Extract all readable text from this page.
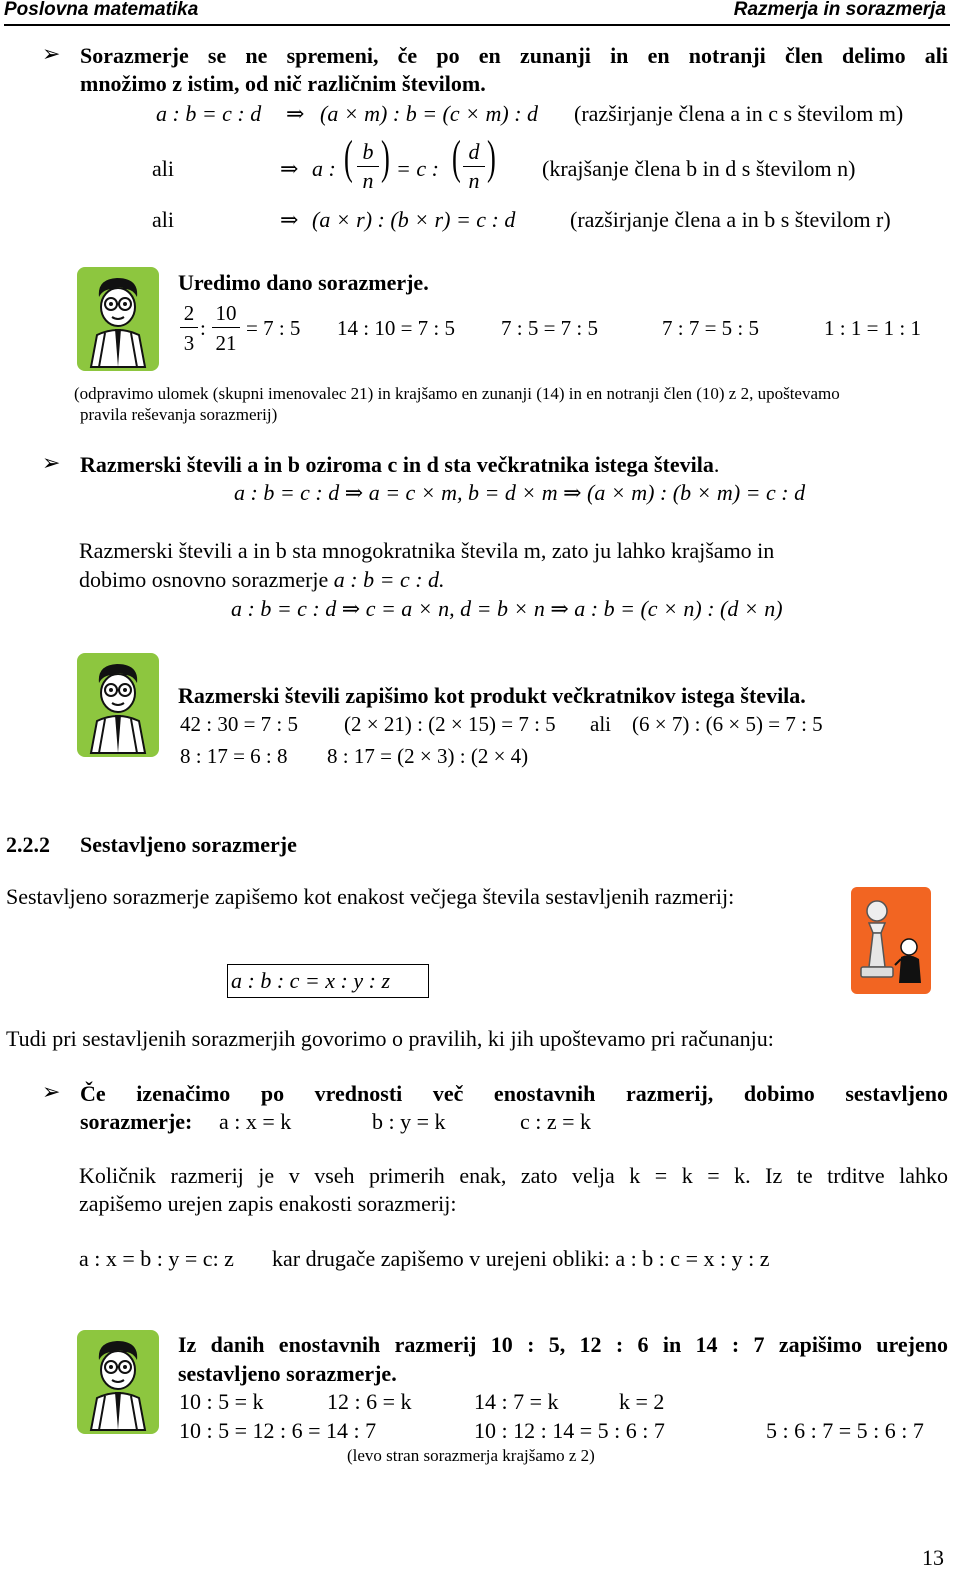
Poslovna matematika	Razmerja in sorazmerja
➢ Sorazmerje se ne spremeni, če po en zunanji in en notranji člen delimo ali
množimo z istim, od nič različnim številom.
a : b = c : d ⇒ (a × m) : b = (c × m) : d (razširjanje člena a in c s številom m)
ali	⇒ a : ( b
n ) = c : ( d
n ) (krajšanje člena b in d s številom n)
ali	⇒ (a × r) : (b × r) = c : d (razširjanje člena a in b s številom r)
Uredimo dano sorazmerje.
2
3
:
10
21
= 7 : 5 14 : 10 = 7 : 5 7 : 5 = 7 : 5	7 : 7 = 5 : 5	1 : 1 = 1 : 1
(odpravimo ulomek (skupni imenovalec 21) in krajšamo en zunanji (14) in en notranji člen (10) z 2, upoštevamo
pravila reševanja sorazmerij)
➢ Razmerski števili a in b oziroma c in d sta večkratnika istega števila.
a : b = c : d ⇒ a = c × m, b = d × m ⇒ (a × m) : (b × m) = c : d
Razmerski števili a in b sta mnogokratnika števila m, zato ju lahko krajšamo in
dobimo osnovno sorazmerje a : b = c : d.
a : b = c : d ⇒ c = a × n, d = b × n ⇒ a : b = (c × n) : (d × n)
Razmerski števili zapišimo kot produkt večkratnikov istega števila.
42 : 30 = 7 : 5 (2 × 21) : (2 × 15) = 7 : 5 ali (6 × 7) : (6 × 5) = 7 : 5
8 : 17 = 6 : 8 8 : 17 = (2 × 3) : (2 × 4)
2.2.2 Sestavljeno sorazmerje
Sestavljeno sorazmerje zapišemo kot enakost večjega števila sestavljenih razmerij:
a : b : c = x : y : z
Tudi pri sestavljenih sorazmerjih govorimo o pravilih, ki jih upoštevamo pri računanju:
➢ Če izenačimo po vrednosti več enostavnih razmerij, dobimo sestavljeno
sorazmerje: a : x = k	b : y = k	c : z = k
Količnik razmerij je v vseh primerih enak, zato velja k = k = k. Iz te trditve lahko
zapišemo urejen zapis enakosti sorazmerij:
a : x = b : y = c: z kar drugače zapišemo v urejeni obliki: a : b : c = x : y : z
Iz danih enostavnih razmerij 10 : 5, 12 : 6 in 14 : 7 zapišimo urejeno
sestavljeno sorazmerje.
10 : 5 = k	12 : 6 = k	14 : 7 = k	k = 2
10 : 5 = 12 : 6 = 14 : 7	10 : 12 : 14 = 5 : 6 : 7	5 : 6 : 7 = 5 : 6 : 7
(levo stran sorazmerja krajšamo z 2)
13
